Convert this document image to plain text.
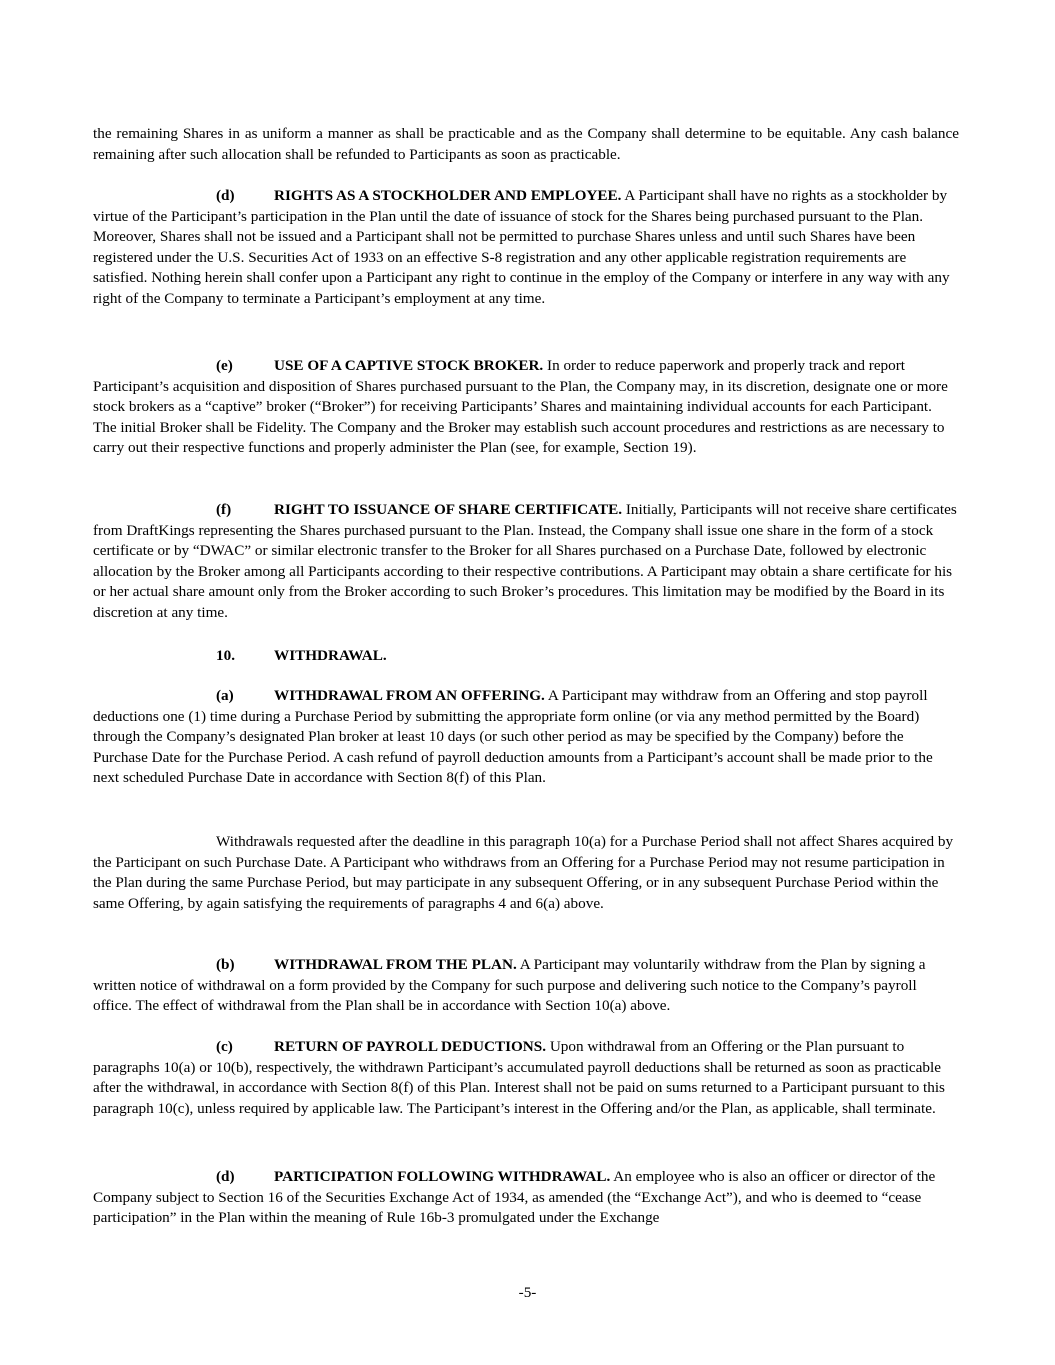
the remaining Shares in as uniform a manner as shall be practicable and as the Company shall determine to be equitable. Any cash balance remaining after such allocation shall be refunded to Participants as soon as practicable.

(d)	RIGHTS AS A STOCKHOLDER AND EMPLOYEE. A Participant shall have no rights as a stockholder by virtue of the Participant’s participation in the Plan until the date of issuance of stock for the Shares being purchased pursuant to the Plan. Moreover, Shares shall not be issued and a Participant shall not be permitted to purchase Shares unless and until such Shares have been registered under the U.S. Securities Act of 1933 on an effective S-8 registration and any other applicable registration requirements are satisfied. Nothing herein shall confer upon a Participant any right to continue in the employ of the Company or interfere in any way with any right of the Company to terminate a Participant’s employment at any time.

(e)	USE OF A CAPTIVE STOCK BROKER. In order to reduce paperwork and properly track and report Participant’s acquisition and disposition of Shares purchased pursuant to the Plan, the Company may, in its discretion, designate one or more stock brokers as a “captive” broker (“Broker”) for receiving Participants’ Shares and maintaining individual accounts for each Participant. The initial Broker shall be Fidelity. The Company and the Broker may establish such account procedures and restrictions as are necessary to carry out their respective functions and properly administer the Plan (see, for example, Section 19).

(f)	RIGHT TO ISSUANCE OF SHARE CERTIFICATE. Initially, Participants will not receive share certificates from DraftKings representing the Shares purchased pursuant to the Plan. Instead, the Company shall issue one share in the form of a stock certificate or by “DWAC” or similar electronic transfer to the Broker for all Shares purchased on a Purchase Date, followed by electronic allocation by the Broker among all Participants according to their respective contributions. A Participant may obtain a share certificate for his or her actual share amount only from the Broker according to such Broker’s procedures. This limitation may be modified by the Board in its discretion at any time.

10.	WITHDRAWAL.

(a)	WITHDRAWAL FROM AN OFFERING. A Participant may withdraw from an Offering and stop payroll deductions one (1) time during a Purchase Period by submitting the appropriate form online (or via any method permitted by the Board) through the Company’s designated Plan broker at least 10 days (or such other period as may be specified by the Company) before the Purchase Date for the Purchase Period. A cash refund of payroll deduction amounts from a Participant’s account shall be made prior to the next scheduled Purchase Date in accordance with Section 8(f) of this Plan.

Withdrawals requested after the deadline in this paragraph 10(a) for a Purchase Period shall not affect Shares acquired by the Participant on such Purchase Date. A Participant who withdraws from an Offering for a Purchase Period may not resume participation in the Plan during the same Purchase Period, but may participate in any subsequent Offering, or in any subsequent Purchase Period within the same Offering, by again satisfying the requirements of paragraphs 4 and 6(a) above.

(b)	WITHDRAWAL FROM THE PLAN. A Participant may voluntarily withdraw from the Plan by signing a written notice of withdrawal on a form provided by the Company for such purpose and delivering such notice to the Company’s payroll office. The effect of withdrawal from the Plan shall be in accordance with Section 10(a) above.

(c)	RETURN OF PAYROLL DEDUCTIONS. Upon withdrawal from an Offering or the Plan pursuant to paragraphs 10(a) or 10(b), respectively, the withdrawn Participant’s accumulated payroll deductions shall be returned as soon as practicable after the withdrawal, in accordance with Section 8(f) of this Plan. Interest shall not be paid on sums returned to a Participant pursuant to this paragraph 10(c), unless required by applicable law. The Participant’s interest in the Offering and/or the Plan, as applicable, shall terminate.

(d)	PARTICIPATION FOLLOWING WITHDRAWAL. An employee who is also an officer or director of the Company subject to Section 16 of the Securities Exchange Act of 1934, as amended (the “Exchange Act”), and who is deemed to “cease participation” in the Plan within the meaning of Rule 16b-3 promulgated under the Exchange

-5-
